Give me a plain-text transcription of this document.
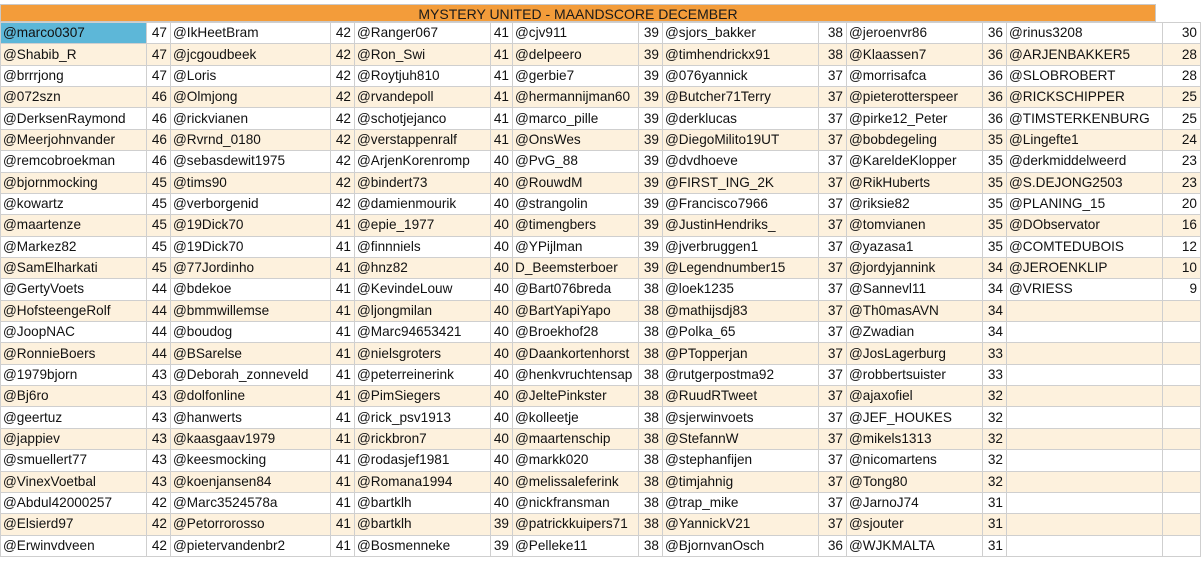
MYSTERY UNITED - MAANDSCORE DECEMBER
@marco0307	47	@IkHeetBram	42	@Ranger067	41	@cjv911	39	@sjors_bakker	38	@jeroenvr86	36	@rinus3208	30
@Shabib_R	47	@jcgoudbeek	42	@Ron_Swi	41	@delpeero	39	@timhendrickx91	38	@Klaassen7	36	@ARJENBAKKER5	28
@brrrjong	47	@Loris	42	@Roytjuh810	41	@gerbie7	39	@076yannick	37	@morrisafca	36	@SLOBROBERT	28
@072szn	46	@Olmjong	42	@rvandepoll	41	@hermannijman60	39	@Butcher71Terry	37	@pieterotterspeer	36	@RICKSCHIPPER	25
@DerksenRaymond	46	@rickvianen	42	@schotjejanco	41	@marco_pille	39	@derklucas	37	@pirke12_Peter	36	@TIMSTERKENBURG	25
@Meerjohnvander	46	@Rvrnd_0180	42	@verstappenralf	41	@OnsWes	39	@DiegoMilito19UT	37	@bobdegeling	35	@Lingefte1	24
@remcobroekman	46	@sebasdewit1975	42	@ArjenKorenromp	40	@PvG_88	39	@dvdhoeve	37	@KareldeKlopper	35	@derkmiddelweerd	23
@bjornmocking	45	@tims90	42	@bindert73	40	@RouwdM	39	@FIRST_ING_2K	37	@RikHuberts	35	@S.DEJONG2503	23
@kowartz	45	@verborgenid	42	@damienmourik	40	@strangolin	39	@Francisco7966	37	@riksie82	35	@PLANING_15	20
@maartenze	45	@19Dick70	41	@epie_1977	40	@timengbers	39	@JustinHendriks_	37	@tomvianen	35	@DObservator	16
@Markez82	45	@19Dick70	41	@finnniels	40	@YPijlman	39	@jverbruggen1	37	@yazasa1	35	@COMTEDUBOIS	12
@SamElharkati	45	@77Jordinho	41	@hnz82	40	D_Beemsterboer	39	@Legendnumber15	37	@jordyjannink	34	@JEROENKLIP	10
@GertyVoets	44	@bdekoe	41	@KevindeLouw	40	@Bart076breda	38	@loek1235	37	@Sannevl11	34	@VRIESS	9
@HofsteengeRolf	44	@bmmwillemse	41	@ljongmilan	40	@BartYapiYapo	38	@mathijsdj83	37	@Th0masAVN	34		
@JoopNAC	44	@boudog	41	@Marc94653421	40	@Broekhof28	38	@Polka_65	37	@Zwadian	34		
@RonnieBoers	44	@BSarelse	41	@nielsgroters	40	@Daankortenhorst	38	@PTopperjan	37	@JosLagerburg	33		
@1979bjorn	43	@Deborah_zonneveld	41	@peterreinerink	40	@henkvruchtensap	38	@rutgerpostma92	37	@robbertsuister	33		
@Bj6ro	43	@dolfonline	41	@PimSiegers	40	@JeltePinkster	38	@RuudRTweet	37	@ajaxofiel	32		
@geertuz	43	@hanwerts	41	@rick_psv1913	40	@kolleetje	38	@sjerwinvoets	37	@JEF_HOUKES	32		
@jappiev	43	@kaasgaav1979	41	@rickbron7	40	@maartenschip	38	@StefannW	37	@mikels1313	32		
@smuellert77	43	@keesmocking	41	@rodasjef1981	40	@markk020	38	@stephanfijen	37	@nicomartens	32		
@VinexVoetbal	43	@koenjansen84	41	@Romana1994	40	@melissaleferink	38	@timjahnig	37	@Tong80	32		
@Abdul42000257	42	@Marc3524578a	41	@bartklh	40	@nickfransman	38	@trap_mike	37	@JarnoJ74	31		
@Elsierd97	42	@Petorrorosso	41	@bartklh	39	@patrickkuipers71	38	@YannickV21	37	@sjouter	31		
@Erwinvdveen	42	@pietervandenbr2	41	@Bosmenneke	39	@Pelleke11	38	@BjornvanOsch	36	@WJKMALTA	31		
